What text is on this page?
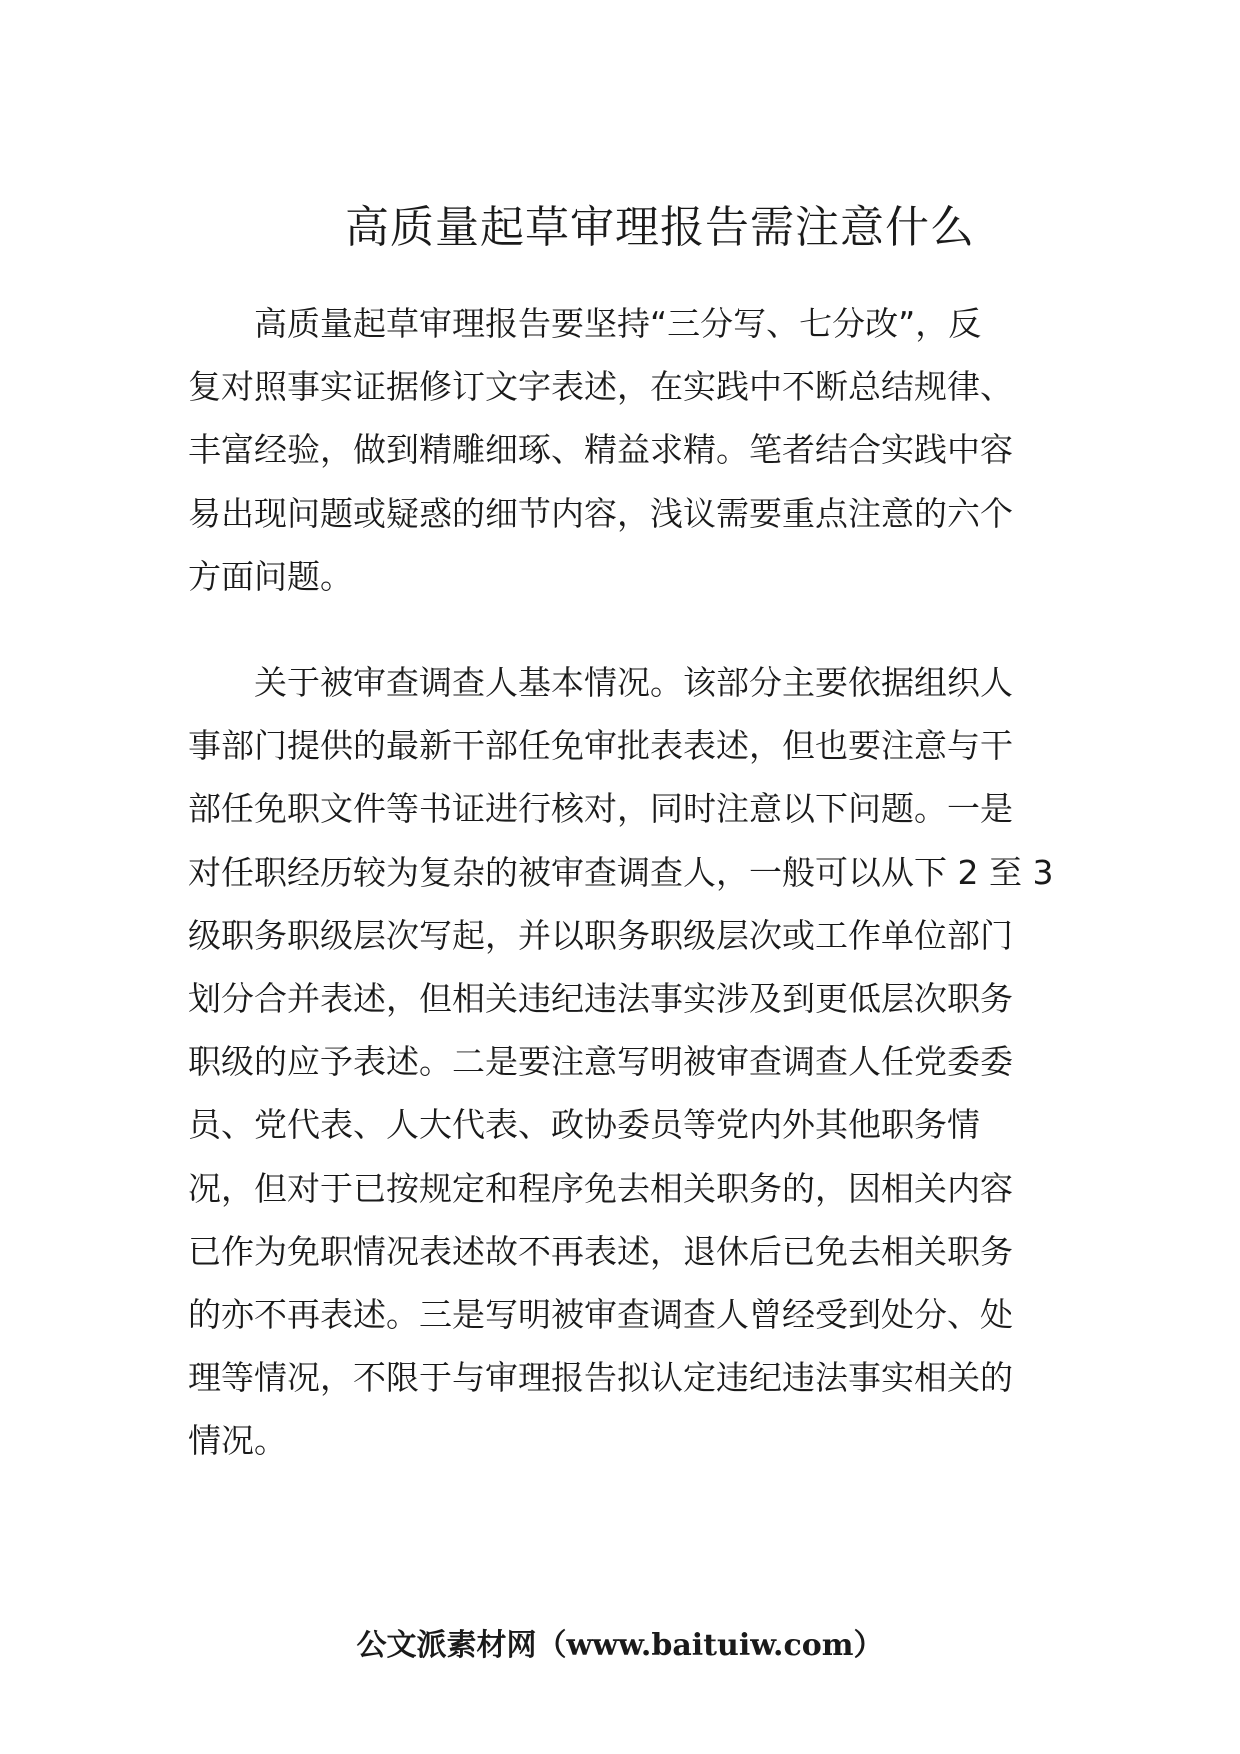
高质量起草审理报告需注意什么

高质量起草审理报告要坚持“三分写、七分改”，反
复对照事实证据修订文字表述，在实践中不断总结规律、
丰富经验，做到精雕细琢、精益求精。笔者结合实践中容
易出现问题或疑惑的细节内容，浅议需要重点注意的六个
方面问题。

关于被审查调查人基本情况。该部分主要依据组织人
事部门提供的最新干部任免审批表表述，但也要注意与干
部任免职文件等书证进行核对，同时注意以下问题。一是
对任职经历较为复杂的被审查调查人，一般可以从下 2 至 3
级职务职级层次写起，并以职务职级层次或工作单位部门
划分合并表述，但相关违纪违法事实涉及到更低层次职务
职级的应予表述。二是要注意写明被审查调查人任党委委
员、党代表、人大代表、政协委员等党内外其他职务情
况，但对于已按规定和程序免去相关职务的，因相关内容
已作为免职情况表述故不再表述，退休后已免去相关职务
的亦不再表述。三是写明被审查调查人曾经受到处分、处
理等情况，不限于与审理报告拟认定违纪违法事实相关的
情况。

公文派素材网（www.baituiw.com）
